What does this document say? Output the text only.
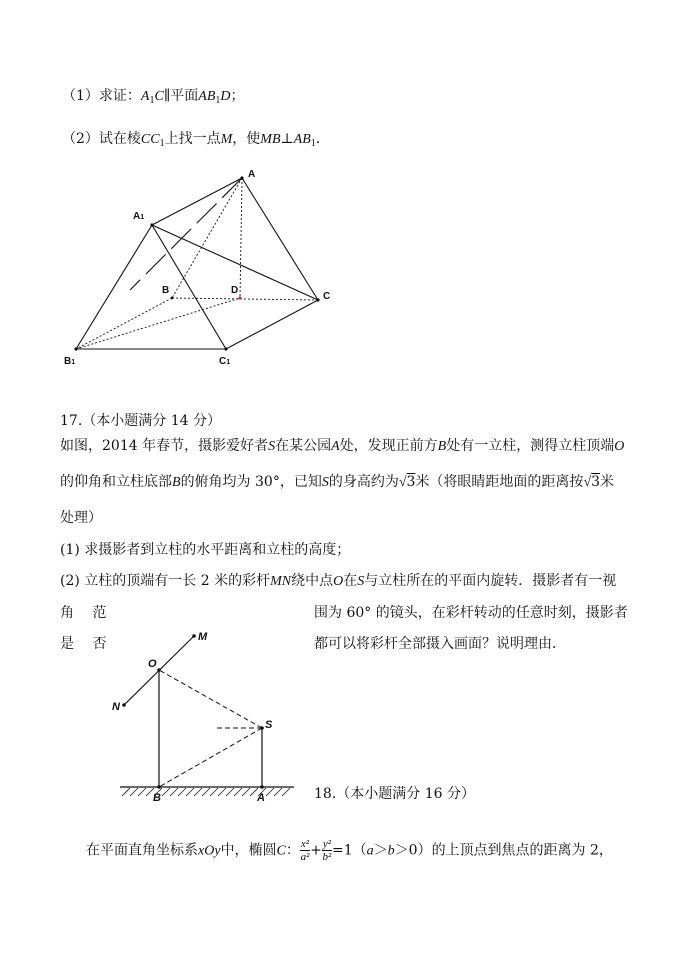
（1）求证：$A_1C\parallel$平面$AB_1D$；
（2）试在棱$CC_1$上找一点M，使$MB\perp AB_1$．
A
A1
B	D
C
B1	C1
17.（本小题满分 14 分）
如图，2014 年春节，摄影爱好者S在某公园A处，发现正前方B处有一立柱，测得立柱顶端O
的仰角和立柱底部B的俯角均为 30°，已知S的身高约为√3米（将眼睛距地面的距离按√3米
处理）
(1) 求摄影者到立柱的水平距离和立柱的高度；
(2) 立柱的顶端有一长 2 米的彩杆MN绕中点O在S与立柱所在的平面内旋转．摄影者有一视
角 范	围为 60° 的镜头，在彩杆转动的任意时刻，摄影者
是 否	都可以将彩杆全部摄入画面？说明理由．
M
O
N
S
B	A	18.（本小题满分 16 分）
在平面直角坐标系xOy中，椭圆C： $\frac{\text{x²}}{\text{a²}} + \frac{\text{y²}}{\text{b²}} =1(a>b>0)$的上顶点到焦点的距离为 2，
